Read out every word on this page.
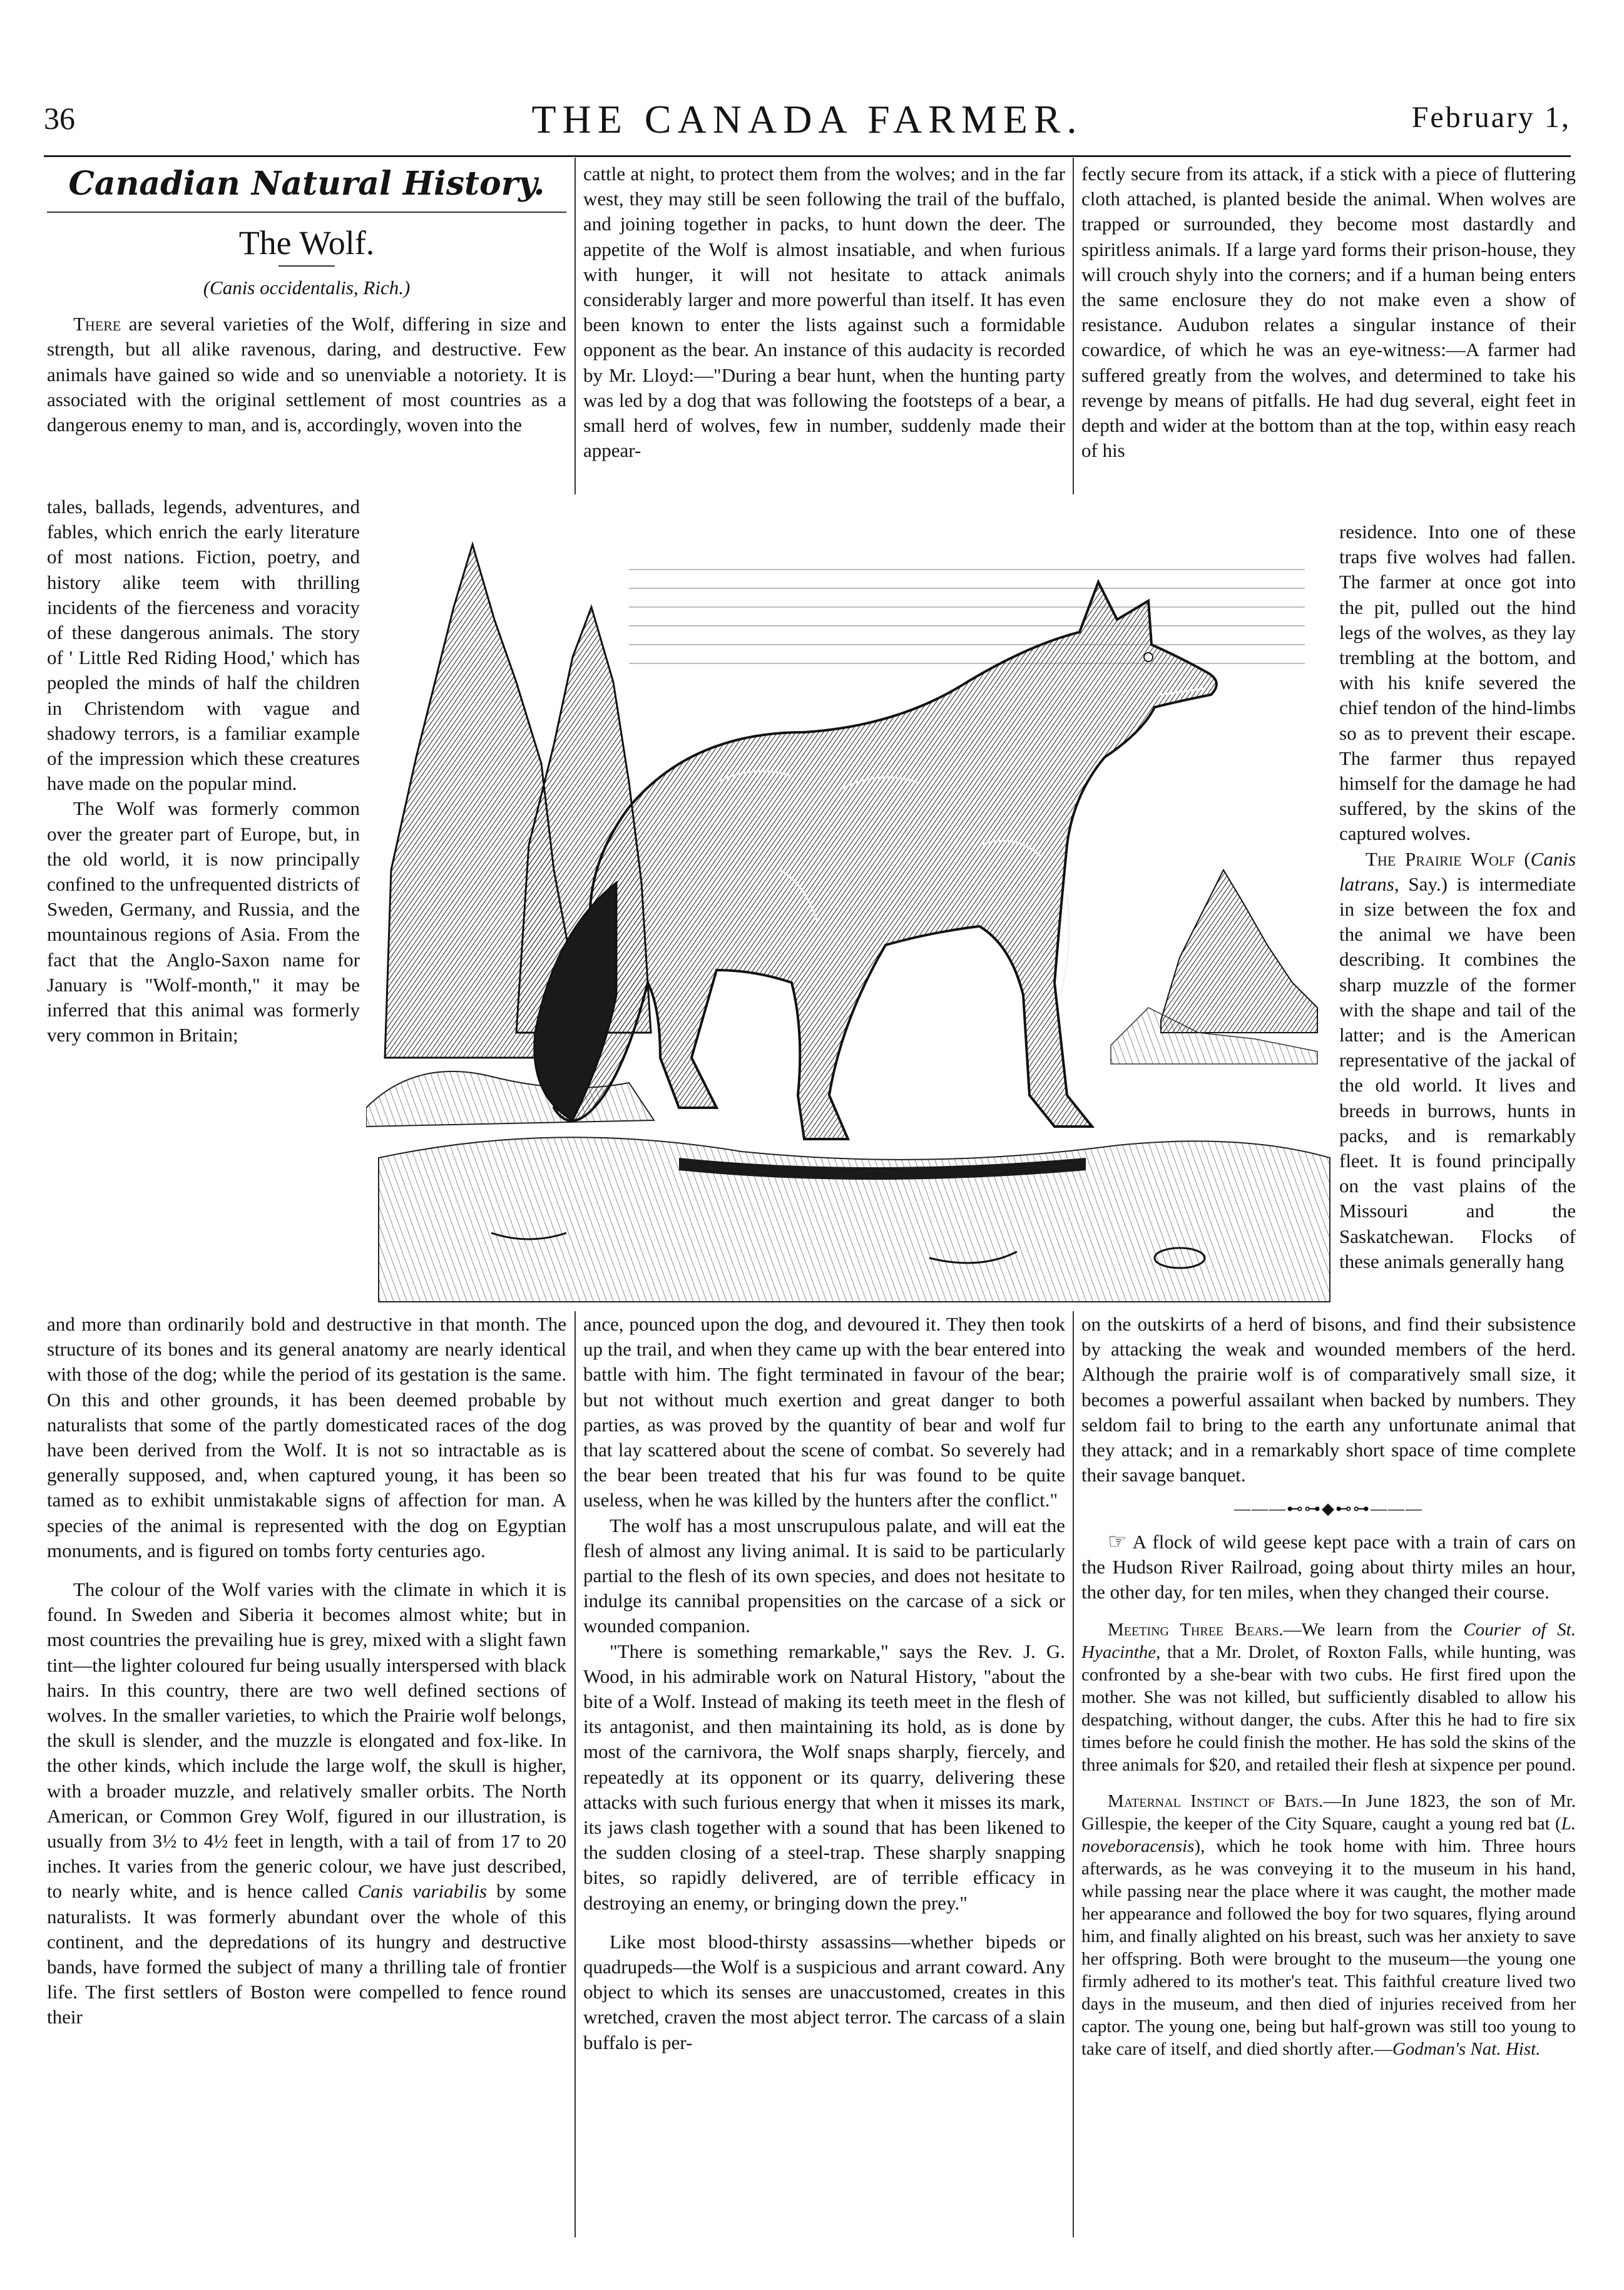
36	THE CANADA FARMER.	February 1,
Canadian Natural History.
The Wolf.
(Canis occidentalis, Rich.)

There are several varieties of the Wolf, differing in size and strength, but all alike ravenous, daring, and destructive. Few animals have gained so wide and so unenviable a notoriety. It is associated with the original settlement of most countries as a dangerous enemy to man, and is, accordingly, woven into the

tales, ballads, legends, adventures, and fables, which enrich the early literature of most nations. Fiction, poetry, and history alike teem with thrilling incidents of the fierceness and voracity of these dangerous animals. The story of ' Little Red Riding Hood,' which has peopled the minds of half the children in Christendom with vague and shadowy terrors, is a familiar example of the impression which these creatures have made on the popular mind.

The Wolf was formerly common over the greater part of Europe, but, in the old world, it is now principally confined to the unfrequented districts of Sweden, Germany, and Russia, and the mountainous regions of Asia. From the fact that the Anglo-Saxon name for January is "Wolf-month," it may be inferred that this animal was formerly very common in Britain;

and more than ordinarily bold and destructive in that month. The structure of its bones and its general anatomy are nearly identical with those of the dog; while the period of its gestation is the same. On this and other grounds, it has been deemed probable by naturalists that some of the partly domesticated races of the dog have been derived from the Wolf. It is not so intractable as is generally supposed, and, when captured young, it has been so tamed as to exhibit unmistakable signs of affection for man. A species of the animal is represented with the dog on Egyptian monuments, and is figured on tombs forty centuries ago.

The colour of the Wolf varies with the climate in which it is found. In Sweden and Siberia it becomes almost white; but in most countries the prevailing hue is grey, mixed with a slight fawn tint—the lighter coloured fur being usually interspersed with black hairs. In this country, there are two well defined sections of wolves. In the smaller varieties, to which the Prairie wolf belongs, the skull is slender, and the muzzle is elongated and fox-like. In the other kinds, which include the large wolf, the skull is higher, with a broader muzzle, and relatively smaller orbits. The North American, or Common Grey Wolf, figured in our illustration, is usually from 3½ to 4½ feet in length, with a tail of from 17 to 20 inches. It varies from the generic colour, we have just described, to nearly white, and is hence called Canis variabilis by some naturalists. It was formerly abundant over the whole of this continent, and the depredations of its hungry and destructive bands, have formed the subject of many a thrilling tale of frontier life. The first settlers of Boston were compelled to fence round their

cattle at night, to protect them from the wolves; and in the far west, they may still be seen following the trail of the buffalo, and joining together in packs, to hunt down the deer. The appetite of the Wolf is almost insatiable, and when furious with hunger, it will not hesitate to attack animals considerably larger and more powerful than itself. It has even been known to enter the lists against such a formidable opponent as the bear. An instance of this audacity is recorded by Mr. Lloyd:—"During a bear hunt, when the hunting party was led by a dog that was following the footsteps of a bear, a small herd of wolves, few in number, suddenly made their appear-

ance, pounced upon the dog, and devoured it. They then took up the trail, and when they came up with the bear entered into battle with him. The fight terminated in favour of the bear; but not without much exertion and great danger to both parties, as was proved by the quantity of bear and wolf fur that lay scattered about the scene of combat. So severely had the bear been treated that his fur was found to be quite useless, when he was killed by the hunters after the conflict."

The wolf has a most unscrupulous palate, and will eat the flesh of almost any living animal. It is said to be particularly partial to the flesh of its own species, and does not hesitate to indulge its cannibal propensities on the carcase of a sick or wounded companion.

"There is something remarkable," says the Rev. J. G. Wood, in his admirable work on Natural History, "about the bite of a Wolf. Instead of making its teeth meet in the flesh of its antagonist, and then maintaining its hold, as is done by most of the carnivora, the Wolf snaps sharply, fiercely, and repeatedly at its opponent or its quarry, delivering these attacks with such furious energy that when it misses its mark, its jaws clash together with a sound that has been likened to the sudden closing of a steel-trap. These sharply snapping bites, so rapidly delivered, are of terrible efficacy in destroying an enemy, or bringing down the prey."

Like most blood-thirsty assassins—whether bipeds or quadrupeds—the Wolf is a suspicious and arrant coward. Any object to which its senses are unaccustomed, creates in this wretched, craven the most abject terror. The carcass of a slain buffalo is per-

fectly secure from its attack, if a stick with a piece of fluttering cloth attached, is planted beside the animal. When wolves are trapped or surrounded, they become most dastardly and spiritless animals. If a large yard forms their prison-house, they will crouch shyly into the corners; and if a human being enters the same enclosure they do not make even a show of resistance. Audubon relates a singular instance of their cowardice, of which he was an eye-witness:—A farmer had suffered greatly from the wolves, and determined to take his revenge by means of pitfalls. He had dug several, eight feet in depth and wider at the bottom than at the top, within easy reach of his

residence. Into one of these traps five wolves had fallen. The farmer at once got into the pit, pulled out the hind legs of the wolves, as they lay trembling at the bottom, and with his knife severed the chief tendon of the hind-limbs so as to prevent their escape. The farmer thus repayed himself for the damage he had suffered, by the skins of the captured wolves.

The Prairie Wolf (Canis latrans, Say.) is intermediate in size between the fox and the animal we have been describing. It combines the sharp muzzle of the former with the shape and tail of the latter; and is the American representative of the jackal of the old world. It lives and breeds in burrows, hunts in packs, and is remarkably fleet. It is found principally on the vast plains of the Missouri and the Saskatchewan. Flocks of these animals generally hang

on the outskirts of a herd of bisons, and find their subsistence by attacking the weak and wounded members of the herd. Although the prairie wolf is of comparatively small size, it becomes a powerful assailant when backed by numbers. They seldom fail to bring to the earth any unfortunate animal that they attack; and in a remarkably short space of time complete their savage banquet.

———⊷⊶◆⊷⊶———

☞ A flock of wild geese kept pace with a train of cars on the Hudson River Railroad, going about thirty miles an hour, the other day, for ten miles, when they changed their course.

Meeting Three Bears.—We learn from the Courier of St. Hyacinthe, that a Mr. Drolet, of Roxton Falls, while hunting, was confronted by a she-bear with two cubs. He first fired upon the mother. She was not killed, but sufficiently disabled to allow his despatching, without danger, the cubs. After this he had to fire six times before he could finish the mother. He has sold the skins of the three animals for $20, and retailed their flesh at sixpence per pound.

Maternal Instinct of Bats.—In June 1823, the son of Mr. Gillespie, the keeper of the City Square, caught a young red bat (L. noveboracensis), which he took home with him. Three hours afterwards, as he was conveying it to the museum in his hand, while passing near the place where it was caught, the mother made her appearance and followed the boy for two squares, flying around him, and finally alighted on his breast, such was her anxiety to save her offspring. Both were brought to the museum—the young one firmly adhered to its mother's teat. This faithful creature lived two days in the museum, and then died of injuries received from her captor. The young one, being but half-grown was still too young to take care of itself, and died shortly after.—Godman's Nat. Hist.
